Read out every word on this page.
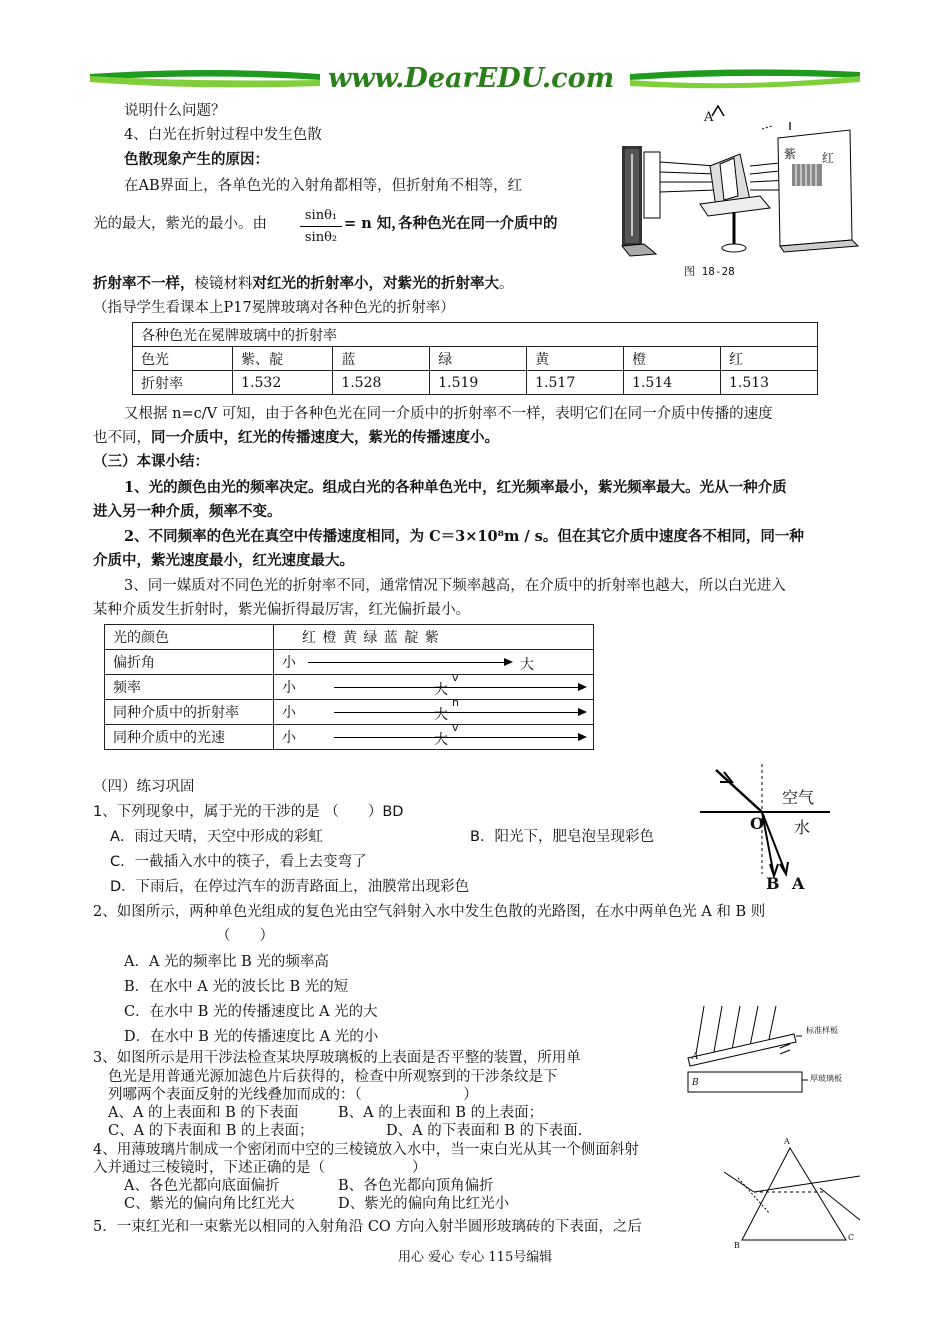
www.DearEDU.com
说明什么问题？
4、白光在折射过程中发生色散
色散现象产生的原因：
在AB界面上，各单色光的入射角都相等，但折射角不相等，红
光的最大，紫光的最小。由	$\frac{\text{sinθ₁}}{\text{sinθ₂}} = n$ 知，
各种色光在同一介质中的
折射率不一样，棱镜材料对红光的折射率小，对紫光的折射率大。
（指导学生看课本上P17冕牌玻璃对各种色光的折射率）
A
紫 红
图 18-28
各种色光在冕牌玻璃中的折射率						
色光	紫、靛	蓝	绿	黄	橙	红
折射率	1.532	1.528	1.519	1.517	1.514	1.513
又根据 n=c/V 可知，由于各种色光在同一介质中的折射率不一样，表明它们在同一介质中传播的速度
也不同，同一介质中，红光的传播速度大，紫光的传播速度小。
（三）本课小结：
1、光的颜色由光的频率决定。组成白光的各种单色光中，红光频率最小，紫光频率最大。光从一种介质
进入另一种介质，频率不变。
2、不同频率的色光在真空中传播速度相同，为 C＝3×10⁸m / s。但在其它介质中速度各不相同，同一种
介质中，紫光速度最小，红光速度最大。
3、同一媒质对不同色光的折射率不同，通常情况下频率越高，在介质中的折射率也越大，所以白光进入
某种介质发生折射时，紫光偏折得最厉害，红光偏折最小。
光的颜色	红 橙 黄 绿 蓝 靛 紫
偏折角	小 大

频率	小 大
v

同种介质中的折射率	小 大
n

同种介质中的光速	小 大
v
（四）练习巩固
1、下列现象中，属于光的干涉的是 （　　）BD
A．雨过天晴，天空中形成的彩虹	B．阳光下，肥皂泡呈现彩色
C．一截插入水中的筷子，看上去变弯了
D．下雨后，在停过汽车的沥青路面上，油膜常出现彩色
空气
水
O
B A
2、如图所示，两种单色光组成的复色光由空气斜射入水中发生色散的光路图，在水中两单色光 A 和 B 则
（　　）
A．A 光的频率比 B 光的频率高
B．在水中 A 光的波长比 B 光的短
C．在水中 B 光的传播速度比 A 光的大
D．在水中 B 光的传播速度比 A 光的小	标准样板
厚玻璃板
A
B
3、如图所示是用干涉法检查某块厚玻璃板的上表面是否平整的装置，所用单
色光是用普通光源加滤色片后获得的，检查中所观察到的干涉条纹是下
列哪两个表面反射的光线叠加而成的：（　　　　　　　）
A、A 的上表面和 B 的下表面	B、A 的上表面和 B 的上表面；
C、A 的下表面和 B 的上表面；	D、A 的下表面和 B 的下表面.
4、用薄玻璃片制成一个密闭而中空的三棱镜放入水中，当一束白光从其一个侧面斜射
入并通过三棱镜时，下述正确的是（　　　　　　）
A、各色光都向底面偏折	B、各色光都向顶角偏折
C、紫光的偏向角比红光大	D、紫光的偏向角比红光小
A
B
C
5．一束红光和一束紫光以相同的入射角沿 CO 方向入射半圆形玻璃砖的下表面，之后
用心 爱心 专心 115号编辑
